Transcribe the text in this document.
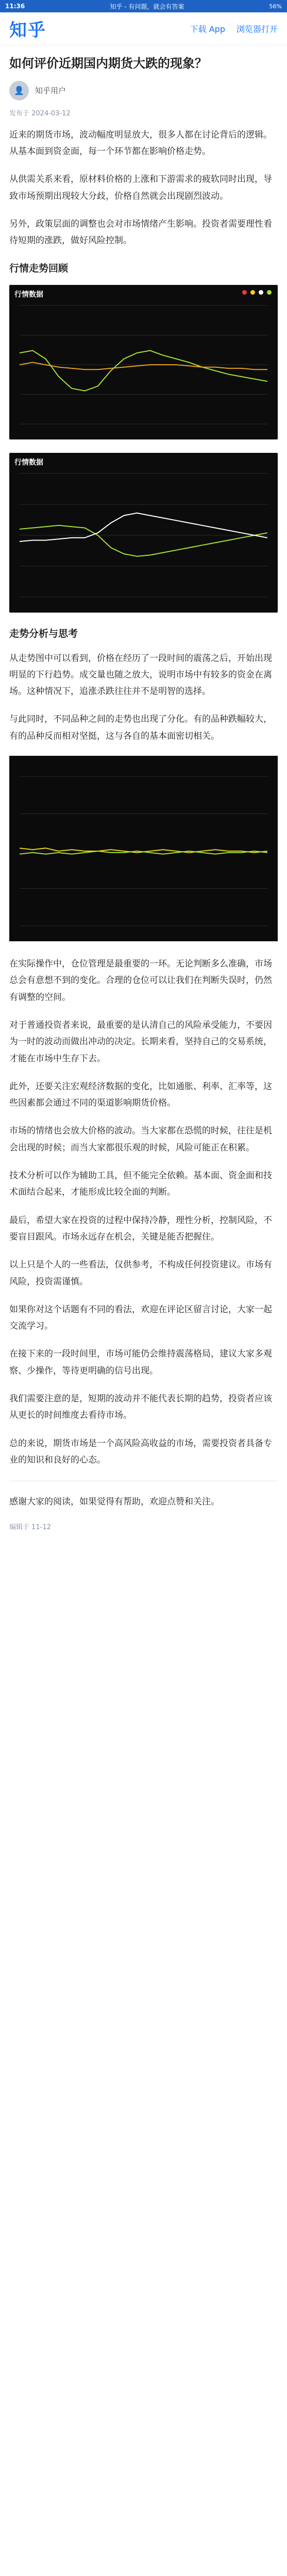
11:36	知乎 - 有问题，就会有答案	56%
知乎	下载 App 浏览器打开
如何评价近期国内期货大跌的现象？
👤	知乎用户
发布于 2024-03-12

近来的期货市场，波动幅度明显放大，很多人都在讨论背后的逻辑。从基本面到资金面，每一个环节都在影响价格走势。

从供需关系来看，原材料价格的上涨和下游需求的疲软同时出现，导致市场预期出现较大分歧，价格自然就会出现剧烈波动。

另外，政策层面的调整也会对市场情绪产生影响。投资者需要理性看待短期的涨跌，做好风险控制。

行情走势回顾
行情数据
行情数据
走势分析与思考

从走势图中可以看到，价格在经历了一段时间的震荡之后，开始出现明显的下行趋势。成交量也随之放大，说明市场中有较多的资金在离场。这种情况下，追涨杀跌往往并不是明智的选择。

与此同时，不同品种之间的走势也出现了分化。有的品种跌幅较大，有的品种反而相对坚挺，这与各自的基本面密切相关。

在实际操作中，仓位管理是最重要的一环。无论判断多么准确，市场总会有意想不到的变化。合理的仓位可以让我们在判断失误时，仍然有调整的空间。

对于普通投资者来说，最重要的是认清自己的风险承受能力，不要因为一时的波动而做出冲动的决定。长期来看，坚持自己的交易系统，才能在市场中生存下去。

此外，还要关注宏观经济数据的变化，比如通胀、利率、汇率等，这些因素都会通过不同的渠道影响期货价格。

市场的情绪也会放大价格的波动。当大家都在恐慌的时候，往往是机会出现的时候；而当大家都很乐观的时候，风险可能正在积累。

技术分析可以作为辅助工具，但不能完全依赖。基本面、资金面和技术面结合起来，才能形成比较全面的判断。

最后，希望大家在投资的过程中保持冷静，理性分析，控制风险，不要盲目跟风。市场永远存在机会，关键是能否把握住。

以上只是个人的一些看法，仅供参考，不构成任何投资建议。市场有风险，投资需谨慎。

如果你对这个话题有不同的看法，欢迎在评论区留言讨论，大家一起交流学习。

在接下来的一段时间里，市场可能仍会维持震荡格局，建议大家多观察、少操作，等待更明确的信号出现。

我们需要注意的是，短期的波动并不能代表长期的趋势，投资者应该从更长的时间维度去看待市场。

总的来说，期货市场是一个高风险高收益的市场，需要投资者具备专业的知识和良好的心态。

感谢大家的阅读，如果觉得有帮助，欢迎点赞和关注。

编辑于 11-12
